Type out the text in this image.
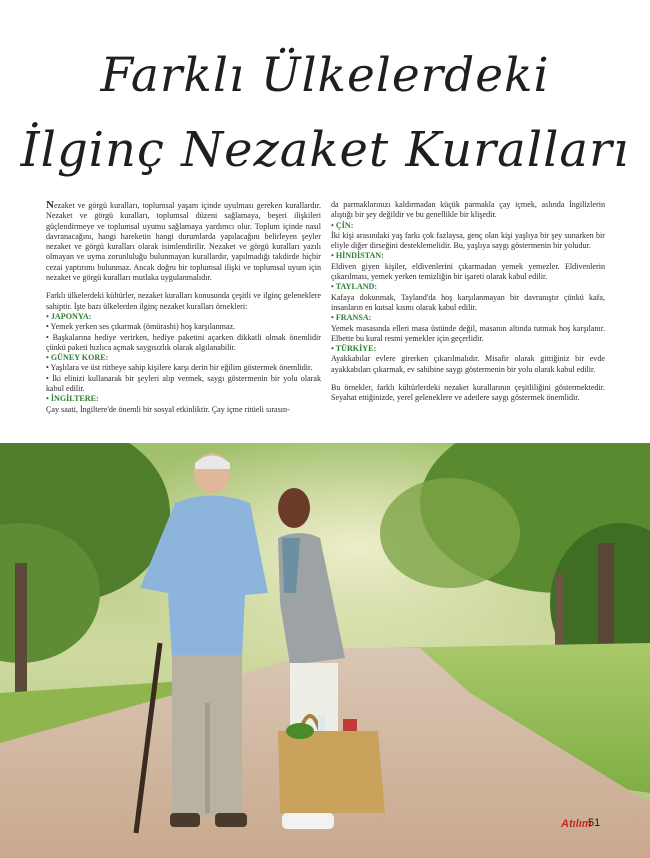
Farklı Ülkelerdeki
İlginç Nezaket Kuralları

Nezaket ve görgü kuralları, toplumsal yaşam içinde uyulması gereken kurallardır. Nezaket ve görgü kuralları, toplumsal düzeni sağlamaya, beşeri ilişkileri güçlendirmeye ve toplumsal uyumu sağlamaya yardımcı olur. Toplum içinde nasıl davranacağını, hangi hareketin hangi durumlarda yapılacağını belirleyen şeyler nezaket ve görgü kuralları olarak isimlendirilir. Nezaket ve görgü kuralları yazılı olmayan ve uyma zorunluluğu bulunmayan kurallardır, yapılmadığı takdirde hiçbir cezai yaptırımı bulunmaz. Ancak doğru bir toplumsal ilişki ve toplumsal uyum için nezaket ve görgü kuralları mutlaka uygulanmalıdır.

Farklı ülkelerdeki kültürler, nezaket kuralları konusunda çeşitli ve ilginç geleneklere sahiptir. İşte bazı ülkelerden ilginç nezaket kuralları örnekleri:

• JAPONYA:

• Yemek yerken ses çıkarmak (ömürashi) hoş karşılanmaz.

• Başkalarına hediye verirken, hediye paketini açarken dikkatli olmak önemlidir çünkü paketi hızlıca açmak saygısızlık olarak algılanabilir.

• GÜNEY KORE:

• Yaşlılara ve üst rütbeye sahip kişilere karşı derin bir eğilim göstermek önemlidir.

• İki elinizi kullanarak bir şeyleri alıp vermek, saygı göstermenin bir yolu olarak kabul edilir.

• İNGİLTERE:

Çay saati, İngiltere'de önemli bir sosyal etkinliktir. Çay içme ritüeli sırasın-

da parmaklarınızı kaldırmadan küçük parmakla çay içmek, aslında İngilizlerin alıştığı bir şey değildir ve bu genellikle bir klişedir.

• ÇİN:

İki kişi arasındaki yaş farkı çok fazlaysa, genç olan kişi yaşlıya bir şey sunarken bir eliyle diğer dirseğini desteklemelidir. Bu, yaşlıya saygı göstermenin bir yoludur.

• HİNDİSTAN:

Eldiven giyen kişiler, eldivenlerini çıkarmadan yemek yemezler. Eldivenlerin çıkarılması, yemek yerken temizliğin bir işareti olarak kabul edilir.

• TAYLAND:

Kafaya dokunmak, Tayland'da hoş karşılanmayan bir davranıştır çünkü kafa, insanların en kutsal kısmı olarak kabul edilir.

• FRANSA:

Yemek masasında elleri masa üstünde değil, masanın altında tutmak hoş karşılanır. Elbette bu kural resmi yemekler için geçerlidir.

• TÜRKİYE:

Ayakkabılar evlere girerken çıkarılmalıdır. Misafir olarak gittiğiniz bir evde ayakkabıları çıkarmak, ev sahibine saygı göstermenin bir yolu olarak kabul edilir.

Bu örnekler, farklı kültürlerdeki nezaket kurallarının çeşitliliğini göstermektedir. Seyahat ettiğinizde, yerel geleneklere ve adetlere saygı göstermek önemlidir.

Atılım
51
